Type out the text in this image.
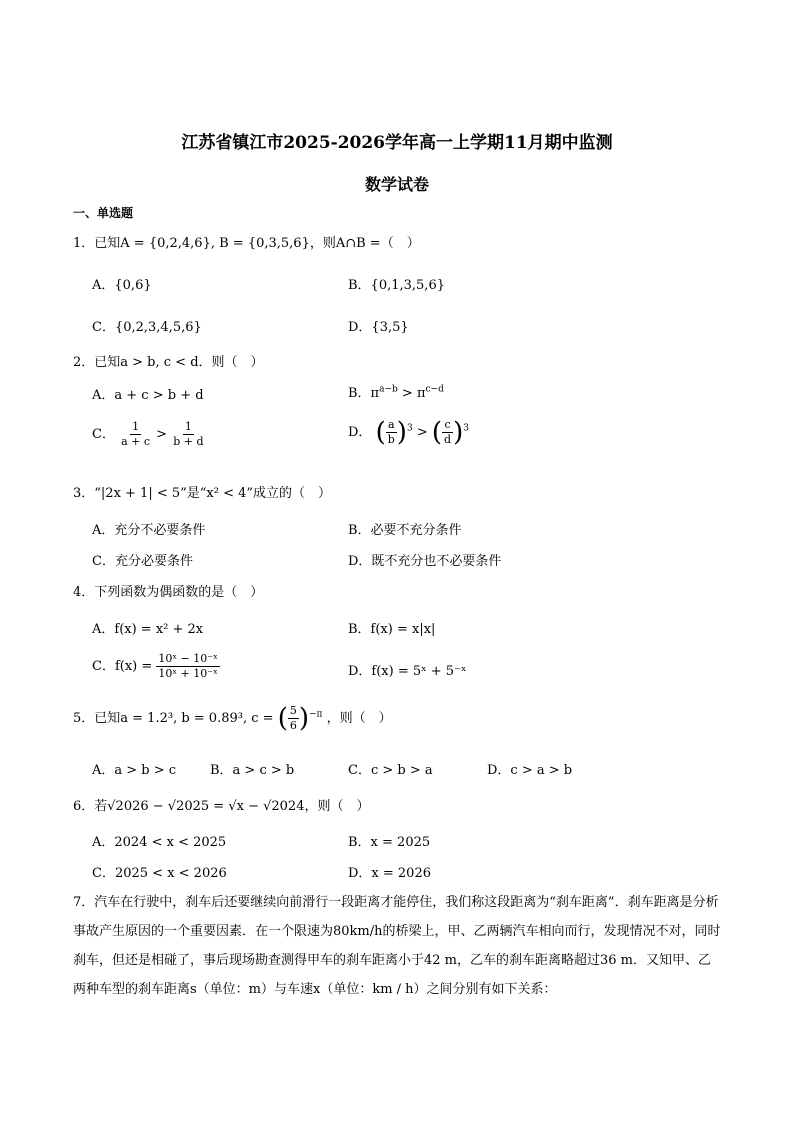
江苏省镇江市2025-2026学年高一上学期11月期中监测
数学试卷
一、单选题
1．已知A = {0,2,4,6}, B = {0,3,5,6}，则A∩B =（　）
A．{0,6}	B．{0,1,3,5,6}
C．{0,2,3,4,5,6}	D．{3,5}
2．已知a > b, c < d．则（　）
A．a + c > b + d	B．$\pi^{a-b} > \pi^{c-d}$
C． $\frac{1}{a + c} > \frac{1}{b + d}$	D． ( $\frac{a}{b} )^3$ > ( $\frac{c}{d} )^3$
3．“|2x + 1| < 5”是“x² < 4”成立的（　）
A．充分不必要条件	B．必要不充分条件
C．充分必要条件	D．既不充分也不必要条件
4．下列函数为偶函数的是（　）
A．f(x) = x² + 2x	B．f(x) = x|x|
C．$f(x) = \frac{\text{10ˣ − 10⁻ˣ}}{\text{10ˣ + 10⁻ˣ}}$	D．f(x) = 5ˣ + 5⁻ˣ
5．已知a = 1.2³, b = 0.89³, c = ( $\frac{5}{6} )^{-\pi}$ ，则（　）
A．a > b > c	B．a > c > b	C．c > b > a	D．c > a > b
6．若√2026 − √2025 = √x − √2024，则（　）
A．2024 < x < 2025	B．x = 2025
C．2025 < x < 2026	D．x = 2026
7．汽车在行驶中，刹车后还要继续向前滑行一段距离才能停住，我们称这段距离为“刹车距离”．刹车距离是分析事故产生原因的一个重要因素．在一个限速为80km/h的桥梁上，甲、乙两辆汽车相向而行，发现情况不对，同时刹车，但还是相碰了，事后现场勘查测得甲车的刹车距离小于42 m，乙车的刹车距离略超过36 m．又知甲、乙两种车型的刹车距离s（单位：m）与车速x（单位：km / h）之间分别有如下关系：
